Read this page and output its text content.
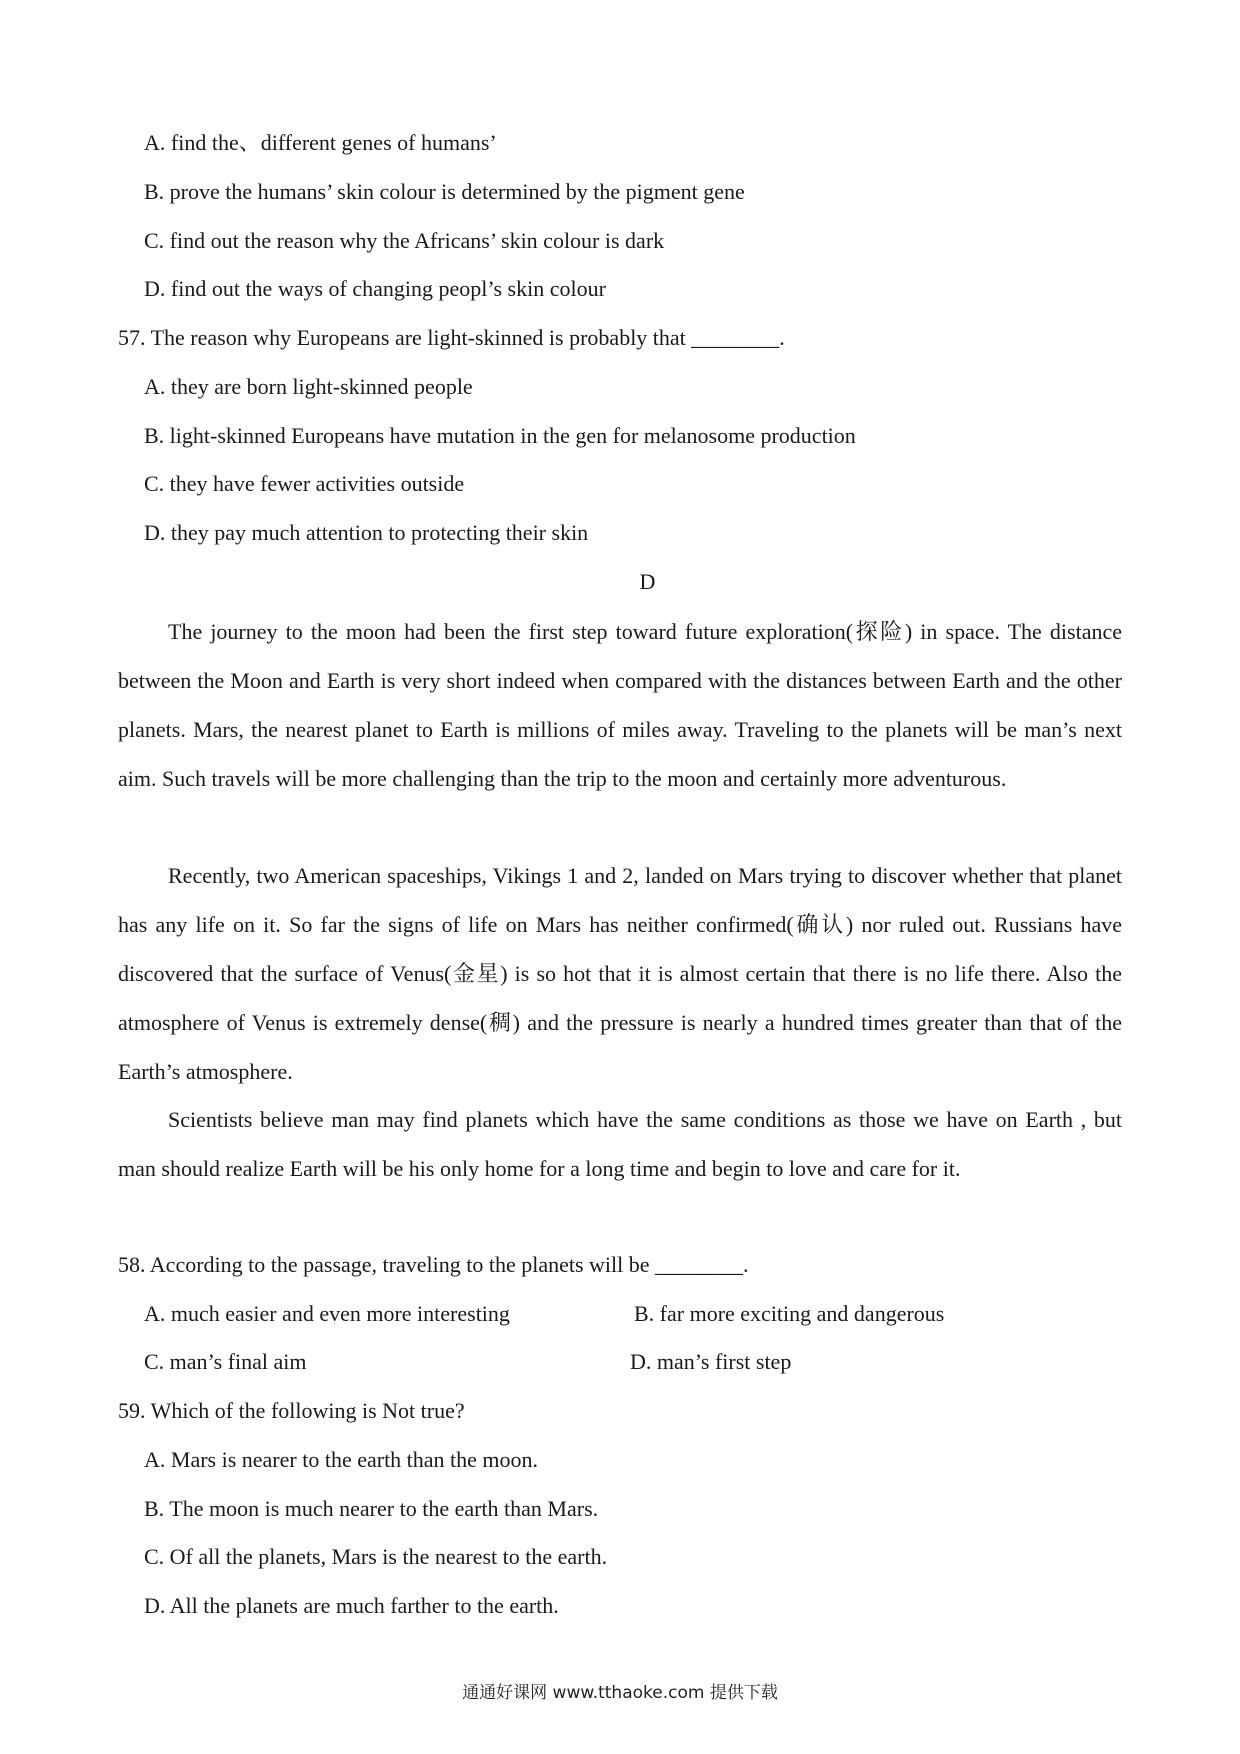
A. find the、different genes of humans’
B. prove the humans’ skin colour is determined by the pigment gene
C. find out the reason why the Africans’ skin colour is dark
D. find out the ways of changing peopl’s skin colour
57. The reason why Europeans are light-skinned is probably that ________.
A. they are born light-skinned people
B. light-skinned Europeans have mutation in the gen for melanosome production
C. they have fewer activities outside
D. they pay much attention to protecting their skin
D
The journey to the moon had been the first step toward future exploration(探险) in space. The distance between the Moon and Earth is very short indeed when compared with the distances between Earth and the other planets. Mars, the nearest planet to Earth is millions of miles away. Traveling to the planets will be man’s next aim. Such travels will be more challenging than the trip to the moon and certainly more adventurous.
Recently, two American spaceships, Vikings 1 and 2, landed on Mars trying to discover whether that planet has any life on it. So far the signs of life on Mars has neither confirmed(确认) nor ruled out. Russians have discovered that the surface of Venus(金星) is so hot that it is almost certain that there is no life there. Also the atmosphere of Venus is extremely dense(稠) and the pressure is nearly a hundred times greater than that of the Earth’s atmosphere.
Scientists believe man may find planets which have the same conditions as those we have on Earth , but man should realize Earth will be his only home for a long time and begin to love and care for it.
58. According to the passage, traveling to the planets will be ________.
A. much easier and even more interesting	B. far more exciting and dangerous
C. man’s final aim	D. man’s first step
59. Which of the following is Not true?
A. Mars is nearer to the earth than the moon.
B. The moon is much nearer to the earth than Mars.
C. Of all the planets, Mars is the nearest to the earth.
D. All the planets are much farther to the earth.
通通好课网 www.tthaoke.com 提供下载
